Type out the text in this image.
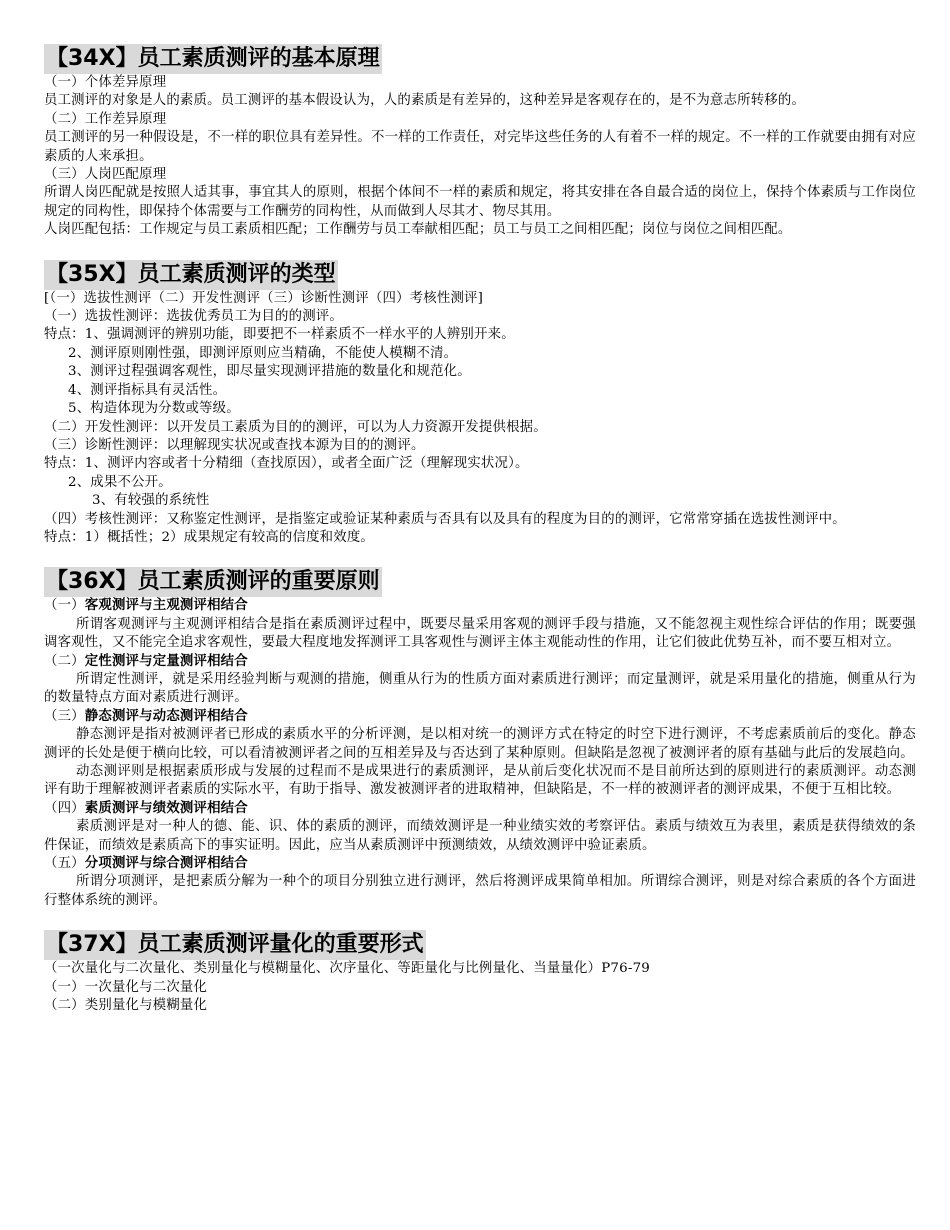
【34X】员工素质测评的基本原理

（一）个体差异原理

员工测评的对象是人的素质。员工测评的基本假设认为，人的素质是有差异的，这种差异是客观存在的，是不为意志所转移的。

（二）工作差异原理

员工测评的另一种假设是，不一样的职位具有差异性。不一样的工作责任，对完毕这些任务的人有着不一样的规定。不一样的工作就要由拥有对应素质的人来承担。

（三）人岗匹配原理

所谓人岗匹配就是按照人适其事，事宜其人的原则，根据个体间不一样的素质和规定，将其安排在各自最合适的岗位上，保持个体素质与工作岗位规定的同构性，即保持个体需要与工作酬劳的同构性，从而做到人尽其才、物尽其用。

人岗匹配包括：工作规定与员工素质相匹配；工作酬劳与员工奉献相匹配；员工与员工之间相匹配；岗位与岗位之间相匹配。

【35X】员工素质测评的类型

[（一）选拔性测评（二）开发性测评（三）诊断性测评（四）考核性测评]

（一）选拔性测评：选拔优秀员工为目的的测评。

特点：1、强调测评的辨别功能，即要把不一样素质不一样水平的人辨别开来。

2、测评原则刚性强，即测评原则应当精确，不能使人模糊不清。

3、测评过程强调客观性，即尽量实现测评措施的数量化和规范化。

4、测评指标具有灵活性。

5、构造体现为分数或等级。

（二）开发性测评：以开发员工素质为目的的测评，可以为人力资源开发提供根据。

（三）诊断性测评：以理解现实状况或查找本源为目的的测评。

特点：1、测评内容或者十分精细（查找原因），或者全面广泛（理解现实状况）。

2、成果不公开。

3、有较强的系统性

（四）考核性测评：又称鉴定性测评，是指鉴定或验证某种素质与否具有以及具有的程度为目的的测评，它常常穿插在选拔性测评中。

特点：1）概括性；2）成果规定有较高的信度和效度。

【36X】员工素质测评的重要原则

（一）客观测评与主观测评相结合

所谓客观测评与主观测评相结合是指在素质测评过程中，既要尽量采用客观的测评手段与措施，又不能忽视主观性综合评估的作用；既要强调客观性，又不能完全追求客观性，要最大程度地发挥测评工具客观性与测评主体主观能动性的作用，让它们彼此优势互补，而不要互相对立。

（二）定性测评与定量测评相结合

所谓定性测评，就是采用经验判断与观测的措施，侧重从行为的性质方面对素质进行测评；而定量测评，就是采用量化的措施，侧重从行为的数量特点方面对素质进行测评。

（三）静态测评与动态测评相结合

静态测评是指对被测评者已形成的素质水平的分析评测，是以相对统一的测评方式在特定的时空下进行测评，不考虑素质前后的变化。静态测评的长处是便于横向比较，可以看清被测评者之间的互相差异及与否达到了某种原则。但缺陷是忽视了被测评者的原有基础与此后的发展趋向。

动态测评则是根据素质形成与发展的过程而不是成果进行的素质测评，是从前后变化状况而不是目前所达到的原则进行的素质测评。动态测评有助于理解被测评者素质的实际水平，有助于指导、激发被测评者的进取精神，但缺陷是，不一样的被测评者的测评成果，不便于互相比较。

（四）素质测评与绩效测评相结合

素质测评是对一种人的德、能、识、体的素质的测评，而绩效测评是一种业绩实效的考察评估。素质与绩效互为表里，素质是获得绩效的条件保证，而绩效是素质高下的事实证明。因此，应当从素质测评中预测绩效，从绩效测评中验证素质。

（五）分项测评与综合测评相结合

所谓分项测评，是把素质分解为一种个的项目分别独立进行测评，然后将测评成果简单相加。所谓综合测评，则是对综合素质的各个方面进行整体系统的测评。

【37X】员工素质测评量化的重要形式

（一次量化与二次量化、类别量化与模糊量化、次序量化、等距量化与比例量化、当量量化）P76-79

（一）一次量化与二次量化

（二）类别量化与模糊量化
